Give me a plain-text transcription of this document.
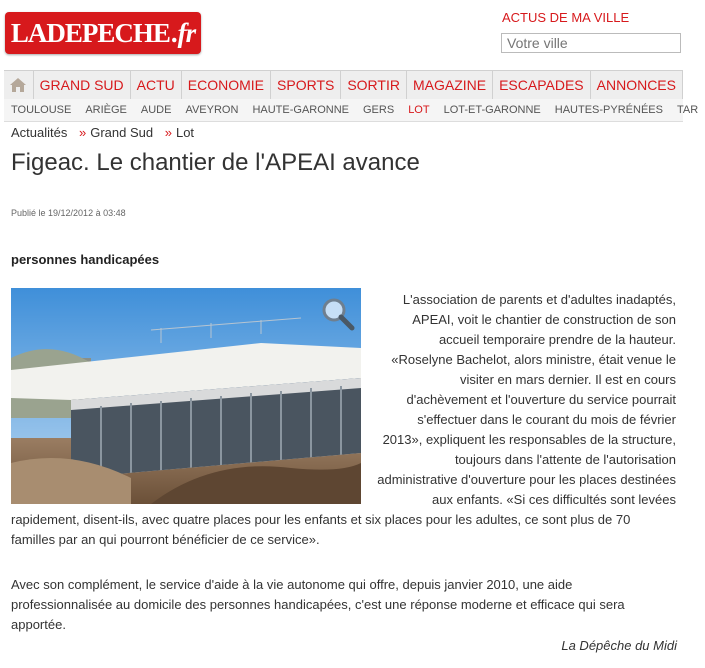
LADEPECHE .fr	ACTUS DE MA VILLE
Votre ville
GRAND SUD ACTU ECONOMIE SPORTS SORTIR MAGAZINE ESCAPADES ANNONCES
TOULOUSE	ARIÈGE	AUDE	AVEYRON	HAUTE-GARONNE	GERS	LOT	LOT-ET-GARONNE	HAUTES-PYRÉNÉES	TAR
Actualités » Grand Sud » Lot
Figeac. Le chantier de l'APEAI avance
Publié le 19/12/2012 à 03:48
personnes handicapées

L'association de parents et d'adultes inadaptés, APEAI, voit le chantier de construction de son accueil temporaire prendre de la hauteur. «Roselyne Bachelot, alors ministre, était venue le visiter en mars dernier. Il est en cours d'achèvement et l'ouverture du service pourrait s'effectuer dans le courant du mois de février 2013», expliquent les responsables de la structure, toujours dans l'attente de l'autorisation administrative d'ouverture pour les places destinées aux enfants. «Si ces difficultés sont levées

rapidement, disent-ils, avec quatre places pour les enfants et six places pour les adultes, ce sont plus de 70 familles par an qui pourront bénéficier de ce service».

Avec son complément, le service d'aide à la vie autonome qui offre, depuis janvier 2010, une aide professionnalisée au domicile des personnes handicapées, c'est une réponse moderne et efficace qui sera apportée.

La Dépêche du Midi
